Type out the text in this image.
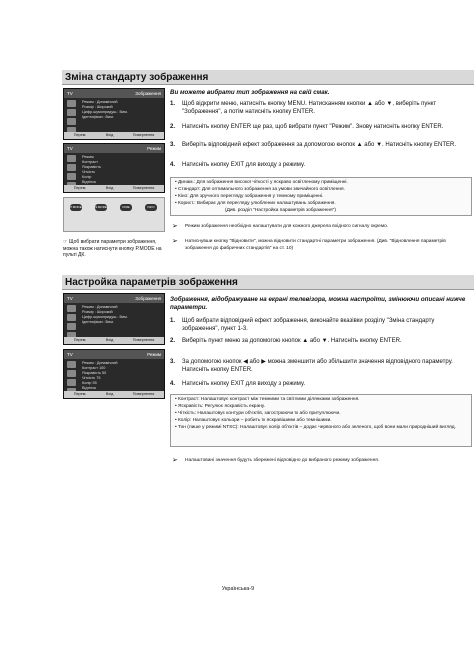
Зміна стандарту зображення
TV	Зображення
Режим : Динамічний
Розмір : Широкий
Цифр.шумопридуш.: Вим.
Ідентифікат.: Вим.
Перем.	Вхід	Повернення
TV	Режим
Режим
Контраст
Яскравість
Чіткість
Колір
Відтінок
Перем.	Вхід	Повернення
P.MODE	S.MODE	DNIE	INFO
☞ Щоб вибрати параметри зображення, можна також натиснути кнопку P.MODE на пульті ДК.
Ви можете вибрати тип зображення на свій смак.
1. Щоб відкрити меню, натисніть кнопку MENU. Натисканням кнопки ▲ або ▼, виберіть пункт "Зображення", а потім натисніть кнопку ENTER.
2. Натисніть кнопку ENTER ще раз, щоб вибрати пункт "Режим". Знову натисніть кнопку ENTER.
3. Виберіть відповідний ефект зображення за допомогою кнопок ▲ або ▼. Натисніть кнопку ENTER.
4. Натисніть кнопку EXIT для виходу з режиму.
• Динам.: Для зображення високої чіткості у яскраво освітленому приміщенні.
• Стандарт: Для оптимального зображення за умови звичайного освітлення.
• Кіно: Для зручного перегляду зображення у темному приміщенні.
• Корист.: Вибирає для перегляду улюблених налаштувань зображення.
(Див. розділ "Настройка параметрів зображення")
➢ Режим зображення необхідно налаштувати для кожного джерела вхідного сигналу окремо.
➢ Натиснувши кнопку "Відновити", можна відновити стандартні параметри зображення. (Див. "Відновлення параметрів зображення до фабричних стандартів" на ст. 10)
Настройка параметрів зображення
TV	Зображення
Режим : Динамічний
Розмір : Широкий
Цифр.шумопридуш.: Вим.
Ідентифікат.: Вим.
Перем.	Вхід	Повернення
TV	Режим
Режим : Динамічний
Контраст 100
Яскравість 50
Чіткість 75
Колір 55
Відтінок
Перем.	Вхід	Повернення
Зображення, відображуване на екрані телевізора, можна настроїти, змінюючи описані нижче параметри.
1. Щоб вибрати відповідний ефект зображення, виконайте вказівки розділу "Зміна стандарту зображення", пункт 1-3.
2. Виберіть пункт меню за допомогою кнопок ▲ або ▼. Натисніть кнопку ENTER.
3. За допомогою кнопок ◀ або ▶ можна зменшити або збільшити значення відповідного параметру. Натисніть кнопку ENTER.
4. Натисніть кнопку EXIT для виходу з режиму.
• Контраст: Налаштовує контраст між темними та світлими ділянками зображення.
• Яскравість: Регулює яскравість екрану.
• Чіткість: Налаштовує контури об'єктів, загострюючи їх або притуплюючи.
• Колір: Налаштовує кольори – робить їх яскравішими або темнішими.
• Тон (лише у режимі NTSC): Налаштовує колір об'єктів – додає червоного або зеленого, щоб вони мали природніший вигляд.
➢ Налаштовані значення будуть збережені відповідно до вибраного режиму зображення.
Українська-9
